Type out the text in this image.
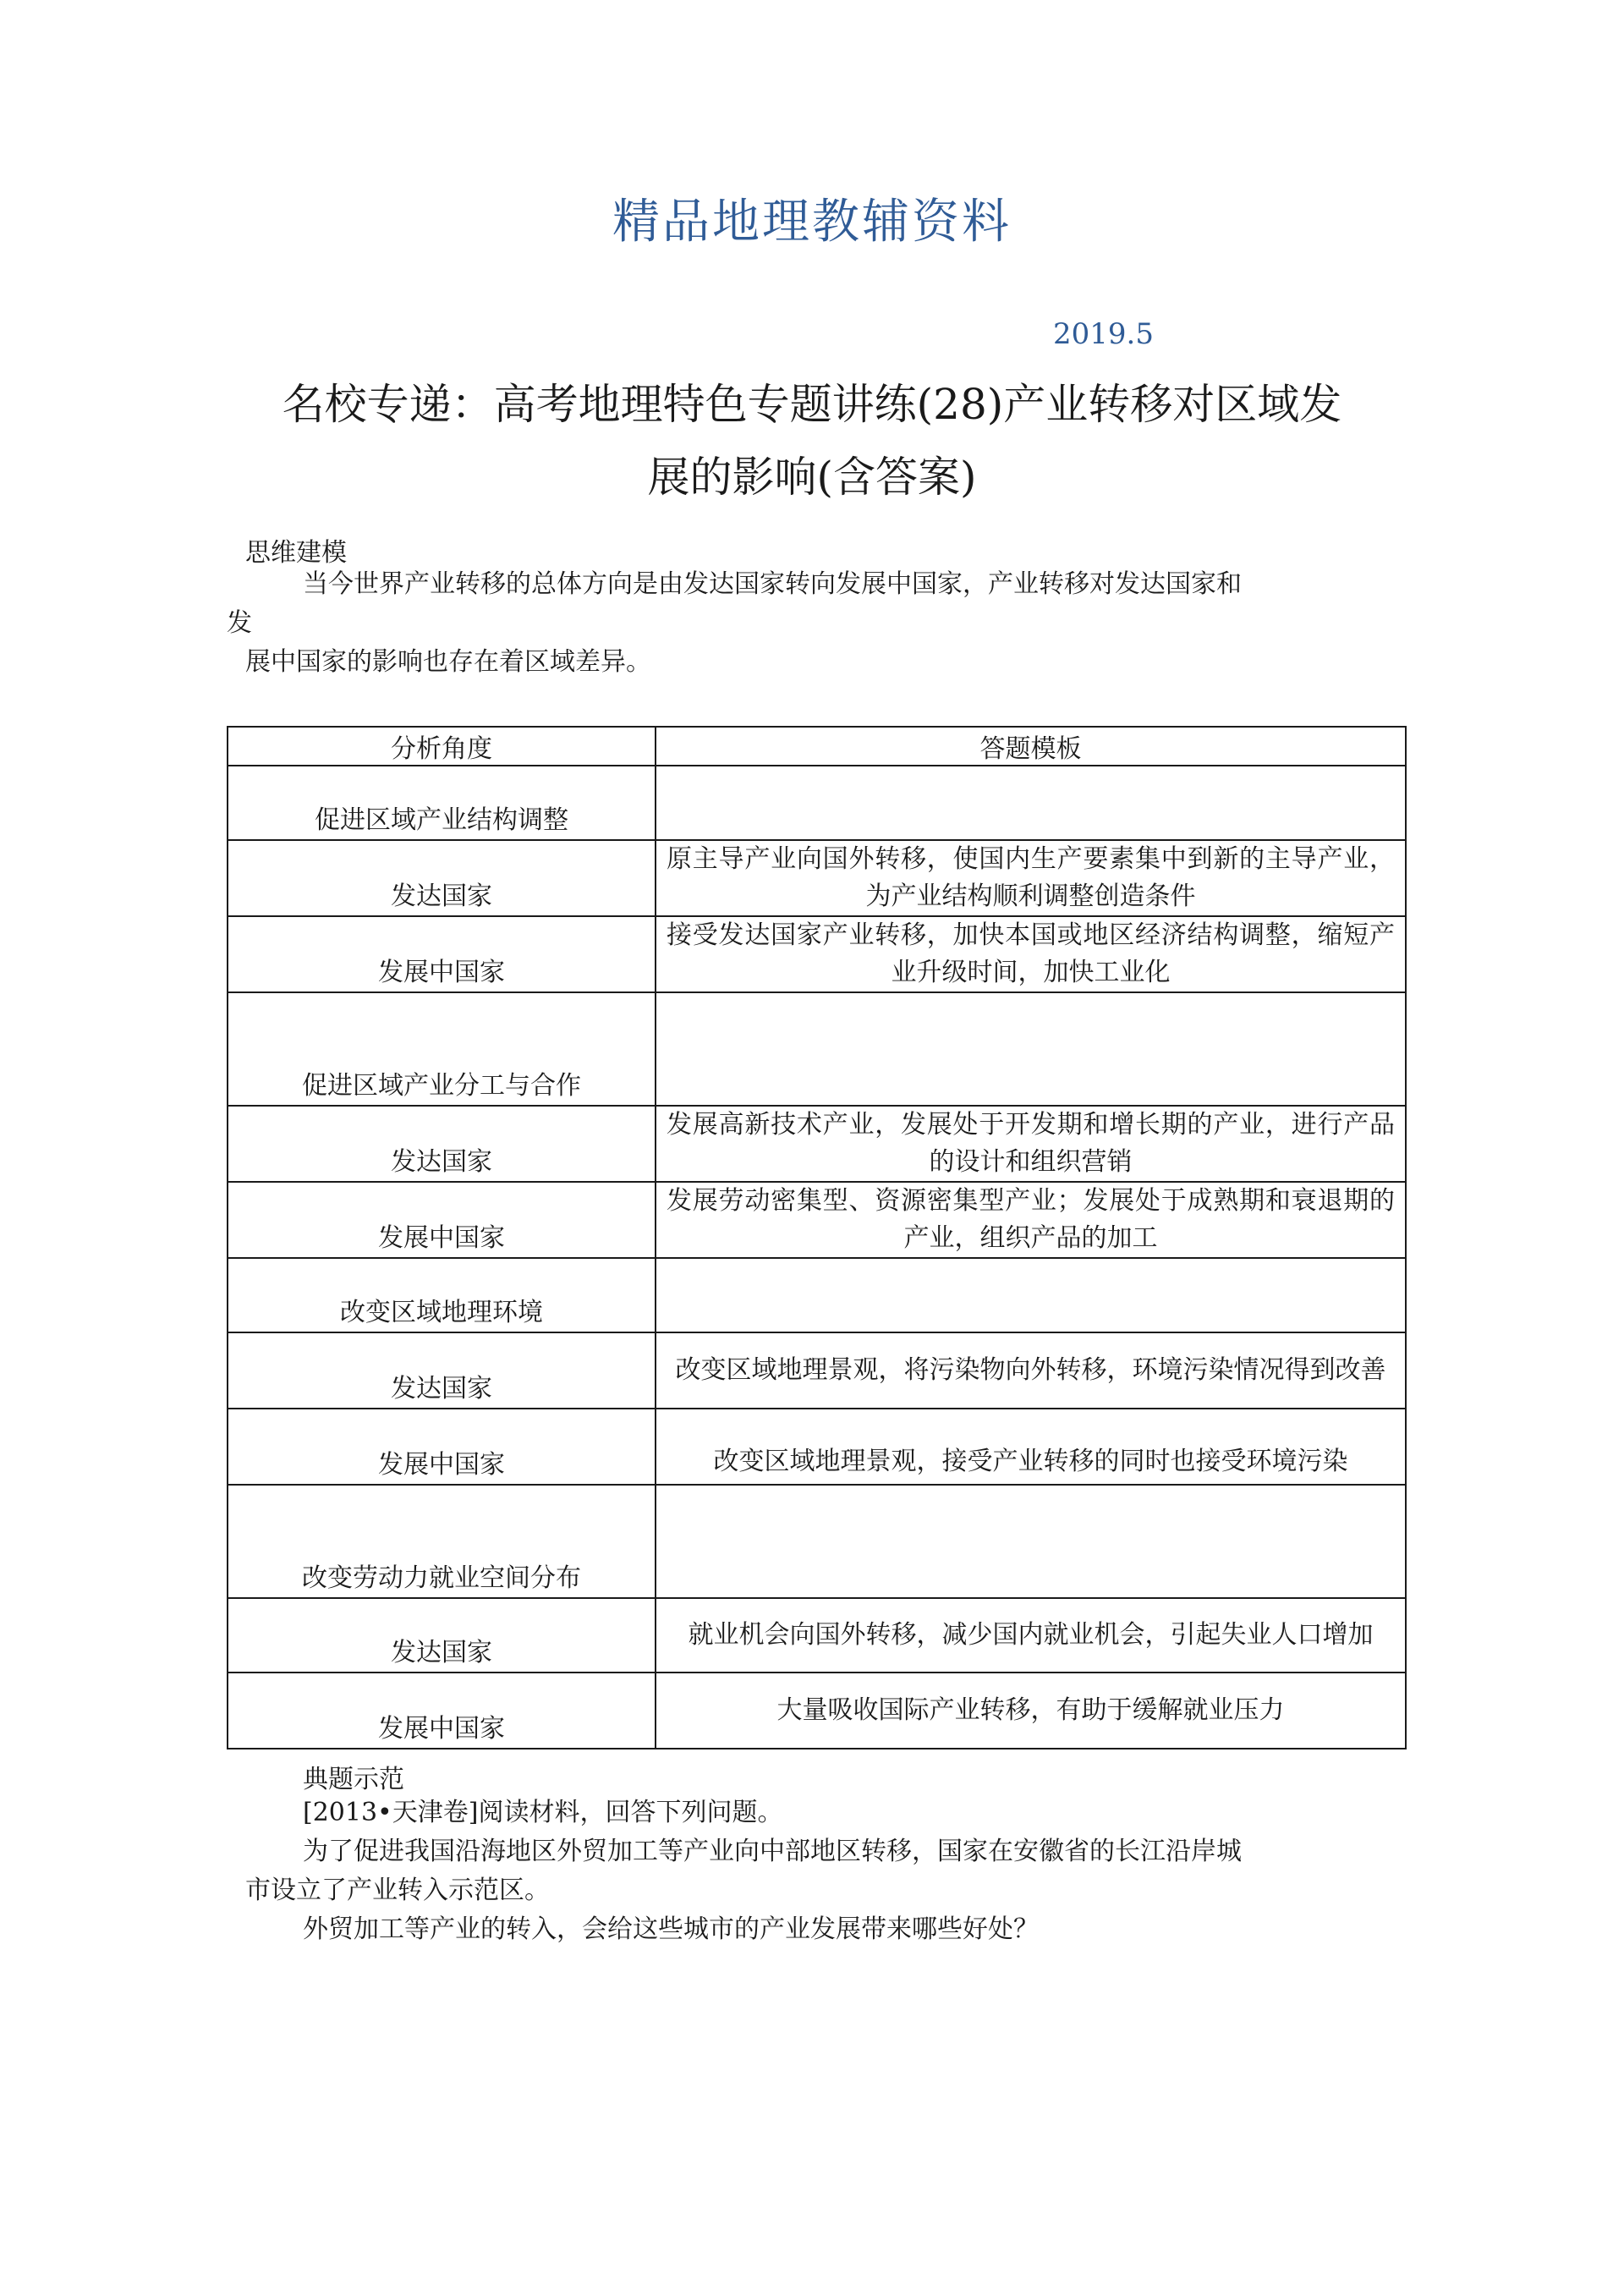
精品地理教辅资料
2019.5
名校专递：高考地理特色专题讲练(28)产业转移对区域发
展的影响(含答案)
思维建模
当今世界产业转移的总体方向是由发达国家转向发展中国家，产业转移对发达国家和
发
展中国家的影响也存在着区域差异。
分析角度	答题模板
促进区域产业结构调整	
发达国家	原主导产业向国外转移，使国内生产要素集中到新的主导产业，为产业结构顺利调整创造条件
发展中国家	接受发达国家产业转移，加快本国或地区经济结构调整，缩短产业升级时间，加快工业化
促进区域产业分工与合作	
发达国家	发展高新技术产业，发展处于开发期和增长期的产业，进行产品的设计和组织营销
发展中国家	发展劳动密集型、资源密集型产业；发展处于成熟期和衰退期的产业，组织产品的加工
改变区域地理环境	
发达国家	改变区域地理景观，将污染物向外转移，环境污染情况得到改善
发展中国家	改变区域地理景观，接受产业转移的同时也接受环境污染
改变劳动力就业空间分布	
发达国家	就业机会向国外转移，减少国内就业机会，引起失业人口增加
发展中国家	大量吸收国际产业转移，有助于缓解就业压力
典题示范
[2013•天津卷]阅读材料，回答下列问题。
为了促进我国沿海地区外贸加工等产业向中部地区转移，国家在安徽省的长江沿岸城
市设立了产业转入示范区。
外贸加工等产业的转入，会给这些城市的产业发展带来哪些好处？
